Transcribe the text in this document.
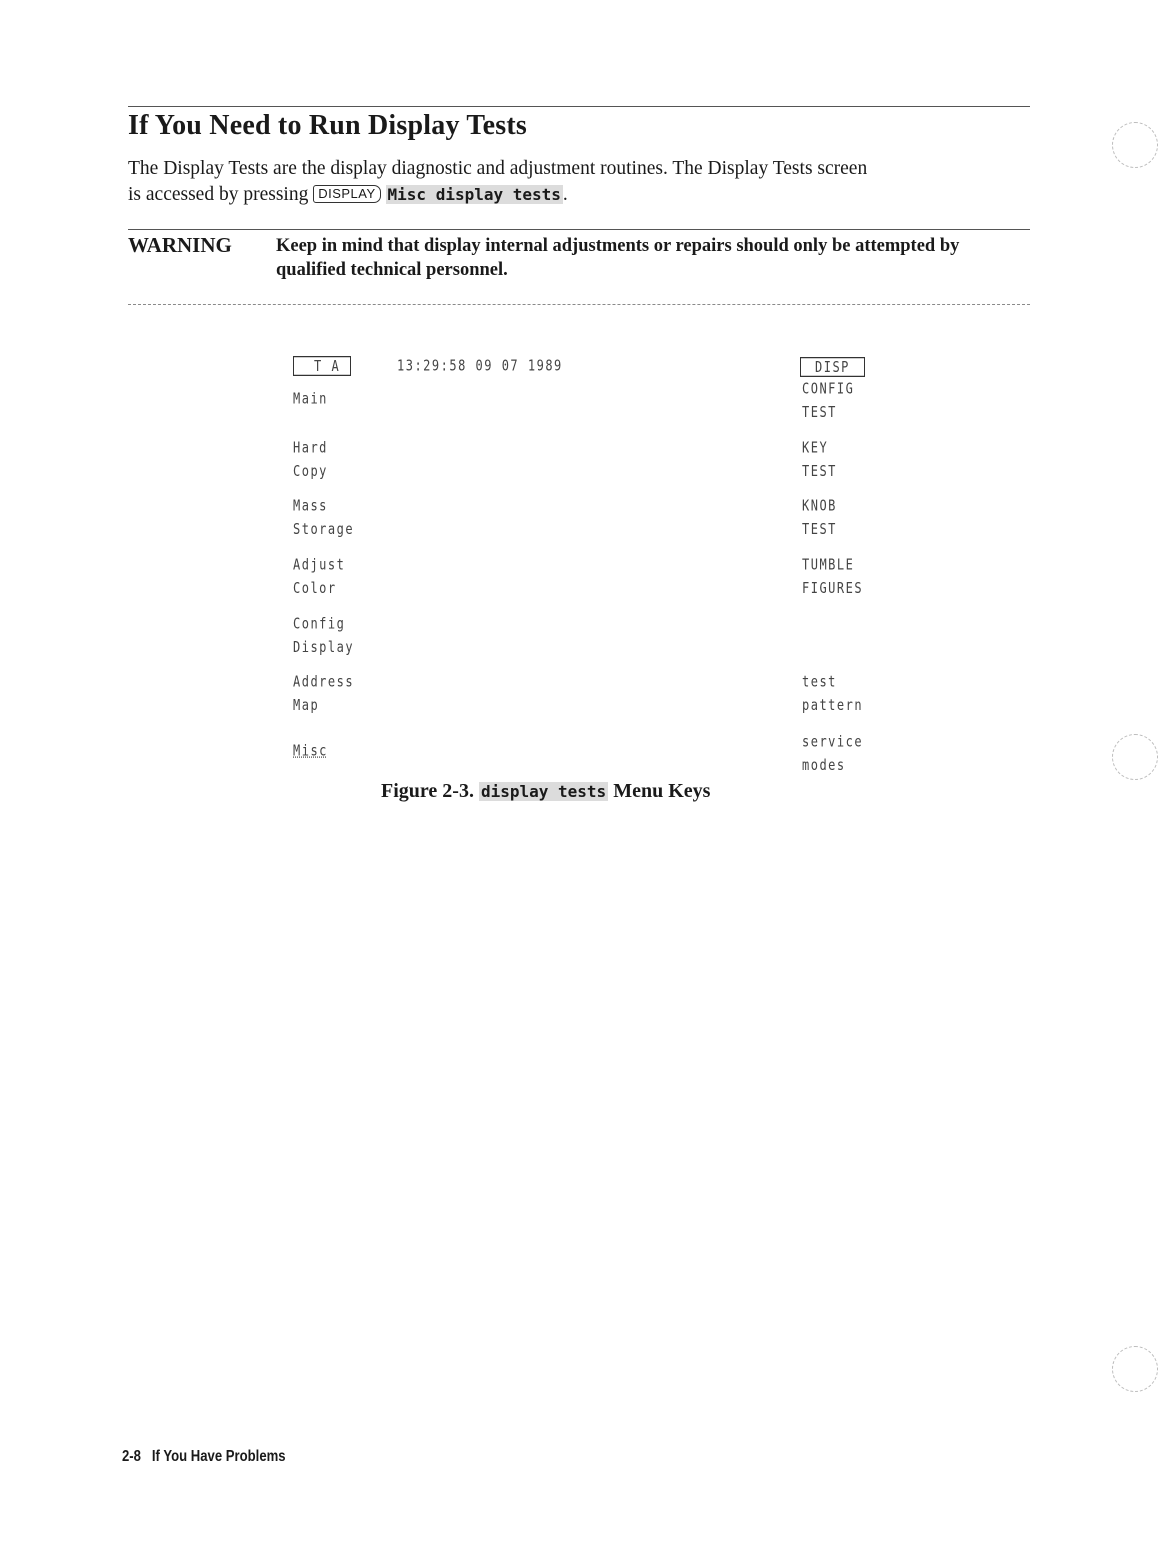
If You Need to Run Display Tests
The Display Tests are the display diagnostic and adjustment routines. The Display Tests screen
is accessed by pressing DISPLAY Misc display tests .
WARNING Keep in mind that display internal adjustments or repairs should only be attempted by qualified technical personnel.
T A	13:29:58 09 07 1989	DISP
Main
Hard
Copy
Mass
Storage
Adjust
Color
Config
Display
Address
Map
Misc
CONFIG
TEST
KEY
TEST
KNOB
TEST
TUMBLE
FIGURES
test
pattern
service
modes
Figure 2-3. display tests Menu Keys
2-8 If You Have Problems
